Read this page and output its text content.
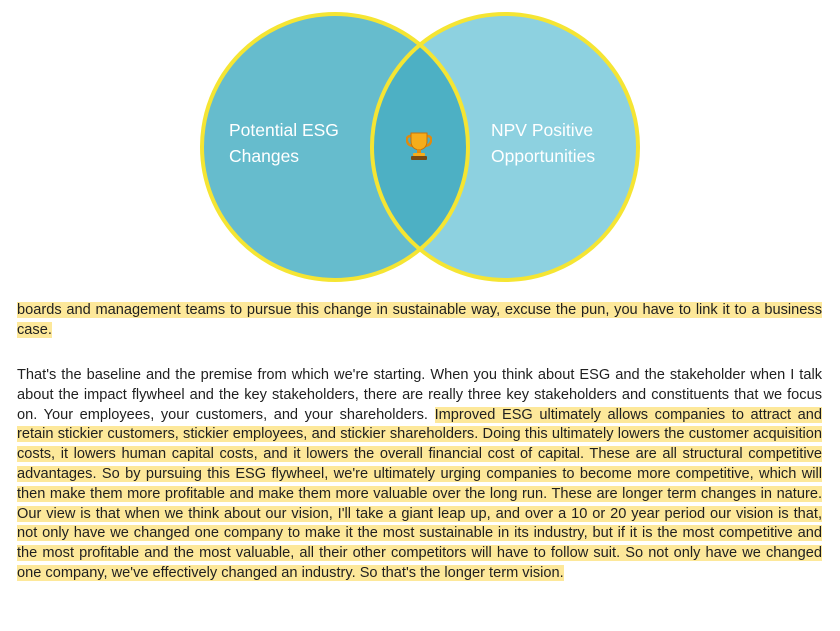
Potential ESG
Changes
NPV Positive
Opportunities

boards and management teams to pursue this change in sustainable way, excuse the pun, you have to link it to a business case.

That's the baseline and the premise from which we're starting. When you think about ESG and the stakeholder when I talk about the impact flywheel and the key stakeholders, there are really three key stakeholders and constituents that we focus on. Your employees, your customers, and your shareholders. Improved ESG ultimately allows companies to attract and retain stickier customers, stickier employees, and stickier shareholders. Doing this ultimately lowers the customer acquisition costs, it lowers human capital costs, and it lowers the overall financial cost of capital. These are all structural competitive advantages. So by pursuing this ESG flywheel, we're ultimately urging companies to become more competitive, which will then make them more profitable and make them more valuable over the long run. These are longer term changes in nature. Our view is that when we think about our vision, I'll take a giant leap up, and over a 10 or 20 year period our vision is that, not only have we changed one company to make it the most sustainable in its industry, but if it is the most competitive and the most profitable and the most valuable, all their other competitors will have to follow suit. So not only have we changed one company, we've effectively changed an industry. So that's the longer term vision.
